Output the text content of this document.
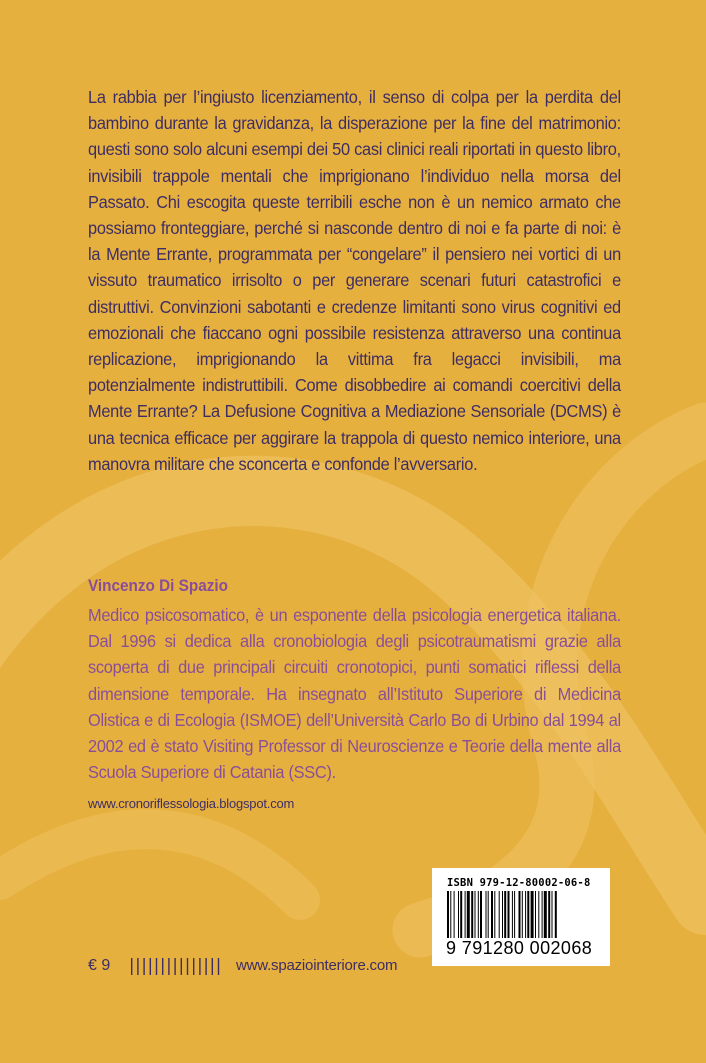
La rabbia per l’ingiusto licenziamento, il senso di colpa per la perdita del bambino durante la gravidanza, la disperazione per la fine del matrimonio: questi sono solo alcuni esempi dei 50 casi clinici reali riportati in questo libro, invisibili trappole mentali che imprigionano l’individuo nella morsa del Passato. Chi escogita queste terribili esche non è un nemico armato che possiamo fronteggiare, perché si nasconde dentro di noi e fa parte di noi: è la Mente Errante, programmata per “congelare” il pensiero nei vortici di un vissuto traumatico irrisolto o per generare scenari futuri catastrofici e distruttivi. Convinzioni sabotanti e credenze limitanti sono virus cognitivi ed emozionali che fiaccano ogni possibile resistenza attraverso una continua replicazione, imprigionando la vittima fra legacci invisibili, ma potenzialmente indistruttibili. Come disobbedire ai comandi coercitivi della Mente Errante? La Defusione Cognitiva a Mediazione Sensoriale (DCMS) è una tecnica efficace per aggirare la trappola di questo nemico interiore, una manovra militare che sconcerta e confonde l’avversario.
Vincenzo Di Spazio
Medico psicosomatico, è un esponente della psicologia energetica italiana. Dal 1996 si dedica alla cronobiologia degli psicotraumatismi grazie alla scoperta di due principali circuiti cronotopici, punti somatici riflessi della dimensione temporale. Ha insegnato all’Istituto Superiore di Medicina Olistica e di Ecologia (ISMOE) dell’Università Carlo Bo di Urbino dal 1994 al 2002 ed è stato Visiting Professor di Neuroscienze e Teorie della mente alla Scuola Superiore di Catania (SSC).
www.cronoriflessologia.blogspot.com
ISBN 979-12-80002-06-8
9 791280 002068
€ 9	www.spaziointeriore.com
